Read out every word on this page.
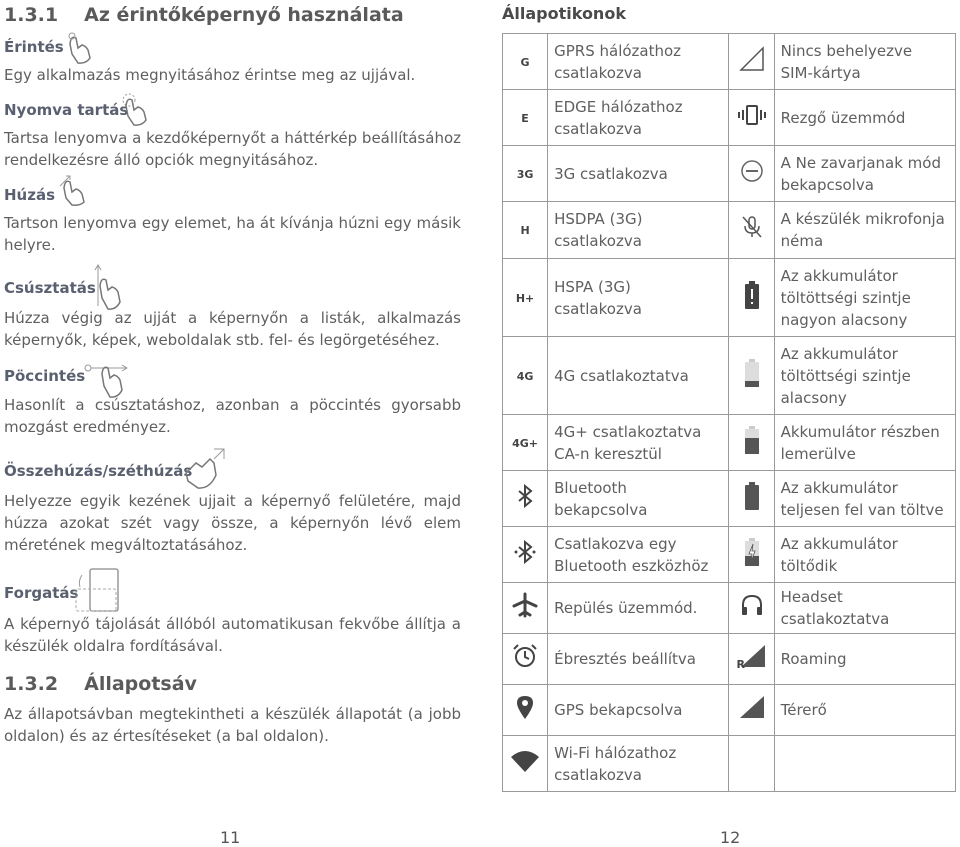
1.3.1 Az érintőképernyő használata
Érintés
Egy alkalmazás megnyitásához érintse meg az ujjával.
Nyomva tartás
Tartsa lenyomva a kezdőképernyőt a háttérkép beállításához rendelkezésre álló opciók megnyitásához.
Húzás
Tartson lenyomva egy elemet, ha át kívánja húzni egy másik helyre.
Csúsztatás
Húzza végig az ujját a képernyőn a listák, alkalmazás képernyők, képek, weboldalak stb. fel- és legörgetéséhez.
Pöccintés
Hasonlít a csúsztatáshoz, azonban a pöccintés gyorsabb mozgást eredményez.
Összehúzás/széthúzás
Helyezze egyik kezének ujjait a képernyő felületére, majd húzza azokat szét vagy össze, a képernyőn lévő elem méretének megváltoztatásához.
Forgatás
A képernyő tájolását állóból automatikusan fekvőbe állítja a készülék oldalra fordításával.
1.3.2 Állapotsáv
Az állapotsávban megtekintheti a készülék állapotát (a jobb oldalon) és az értesítéseket (a bal oldalon).
11
Állapotikonok
G	GPRS hálózathoz csatlakozva		Nincs behelyezve SIM-kártya
E	EDGE hálózathoz csatlakozva		Rezgő üzemmód
3G	3G csatlakozva		A Ne zavarjanak mód bekapcsolva
H	HSDPA (3G) csatlakozva		A készülék mikrofonja néma
H+	HSPA (3G) csatlakozva		Az akkumulátor töltöttségi szintje nagyon alacsony
4G	4G csatlakoztatva		Az akkumulátor töltöttségi szintje alacsony
4G+	4G+ csatlakoztatva CA-n keresztül		Akkumulátor részben lemerülve
	Bluetooth bekapcsolva		Az akkumulátor teljesen fel van töltve
	Csatlakozva egy Bluetooth eszközhöz		Az akkumulátor töltődik
	Repülés üzemmód.		Headset csatlakoztatva
	Ébresztés beállítva	R	Roaming
	GPS bekapcsolva		Térerő
	Wi-Fi hálózathoz csatlakozva		
12
